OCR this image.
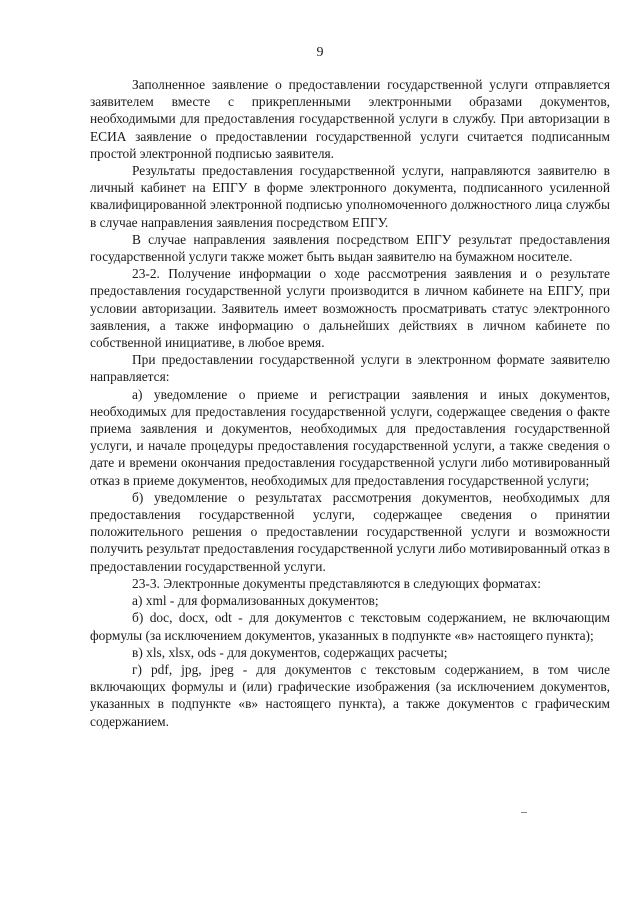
9

Заполненное заявление о предоставлении государственной услуги отправляется заявителем вместе с прикрепленными электронными образами документов, необходимыми для предоставления государственной услуги в службу. При авторизации в ЕСИА заявление о предоставлении государственной услуги считается подписанным простой электронной подписью заявителя.

Результаты предоставления государственной услуги, направляются заявителю в личный кабинет на ЕПГУ в форме электронного документа, подписанного усиленной квалифицированной электронной подписью уполномоченного должностного лица службы в случае направления заявления посредством ЕПГУ.

В случае направления заявления посредством ЕПГУ результат предоставления государственной услуги также может быть выдан заявителю на бумажном носителе.

23-2. Получение информации о ходе рассмотрения заявления и о результате предоставления государственной услуги производится в личном кабинете на ЕПГУ, при условии авторизации. Заявитель имеет возможность просматривать статус электронного заявления, а также информацию о дальнейших действиях в личном кабинете по собственной инициативе, в любое время.

При предоставлении государственной услуги в электронном формате заявителю направляется:

а) уведомление о приеме и регистрации заявления и иных документов, необходимых для предоставления государственной услуги, содержащее сведения о факте приема заявления и документов, необходимых для предоставления государственной услуги, и начале процедуры предоставления государственной услуги, а также сведения о дате и времени окончания предоставления государственной услуги либо мотивированный отказ в приеме документов, необходимых для предоставления государственной услуги;

б) уведомление о результатах рассмотрения документов, необходимых для предоставления государственной услуги, содержащее сведения о принятии положительного решения о предоставлении государственной услуги и возможности получить результат предоставления государственной услуги либо мотивированный отказ в предоставлении государственной услуги.

23-3. Электронные документы представляются в следующих форматах:

а) xml - для формализованных документов;

б) doc, docx, odt - для документов с текстовым содержанием, не включающим формулы (за исключением документов, указанных в подпункте «в» настоящего пункта);

в) xls, xlsx, ods - для документов, содержащих расчеты;

г) pdf, jpg, jpeg - для документов с текстовым содержанием, в том числе включающих формулы и (или) графические изображения (за исключением документов, указанных в подпункте «в» настоящего пункта), а также документов с графическим содержанием.
